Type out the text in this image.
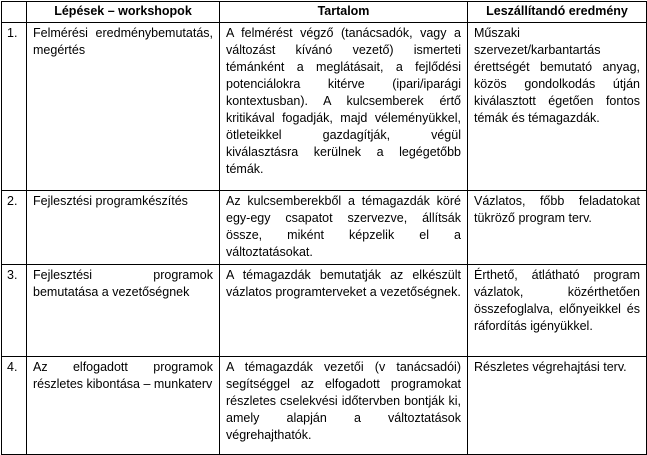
	Lépések – workshopok	Tartalom	Leszállítandó eredmény
1.	Felmérési eredménybemutatás, megértés	A felmérést végző (tanácsadók, vagy a változást kívánó vezető) ismerteti témánként a meglátásait, a fejlődési potenciálokra kitérve (ipari/iparági kontextusban). A kulcsemberek értő kritikával fogadják, majd véleményükkel, ötleteikkel gazdagítják, végül kiválasztásra kerülnek a legégetőbb témák.	Műszaki szervezet/karbantartás érettségét bemutató anyag, közös gondolkodás útján kiválasztott égetően fontos témák és témagazdák.
2.	Fejlesztési programkészítés	Az kulcsemberekből a témagazdák köré egy-egy csapatot szervezve, állítsák össze, miként képzelik el a változtatásokat.	Vázlatos, főbb feladatokat tükröző program terv.
3.	Fejlesztési programok bemutatása a vezetőségnek	A témagazdák bemutatják az elkészült vázlatos programterveket a vezetőségnek.	Érthető, átlátható program vázlatok, közérthetően összefoglalva, előnyeikkel és ráfordítás igényükkel.
4.	Az elfogadott programok részletes kibontása – munkaterv	A témagazdák vezetői (v tanácsadói) segítséggel az elfogadott programokat részletes cselekvési időtervben bontják ki, amely alapján a változtatások végrehajthatók.	Részletes végrehajtási terv.
